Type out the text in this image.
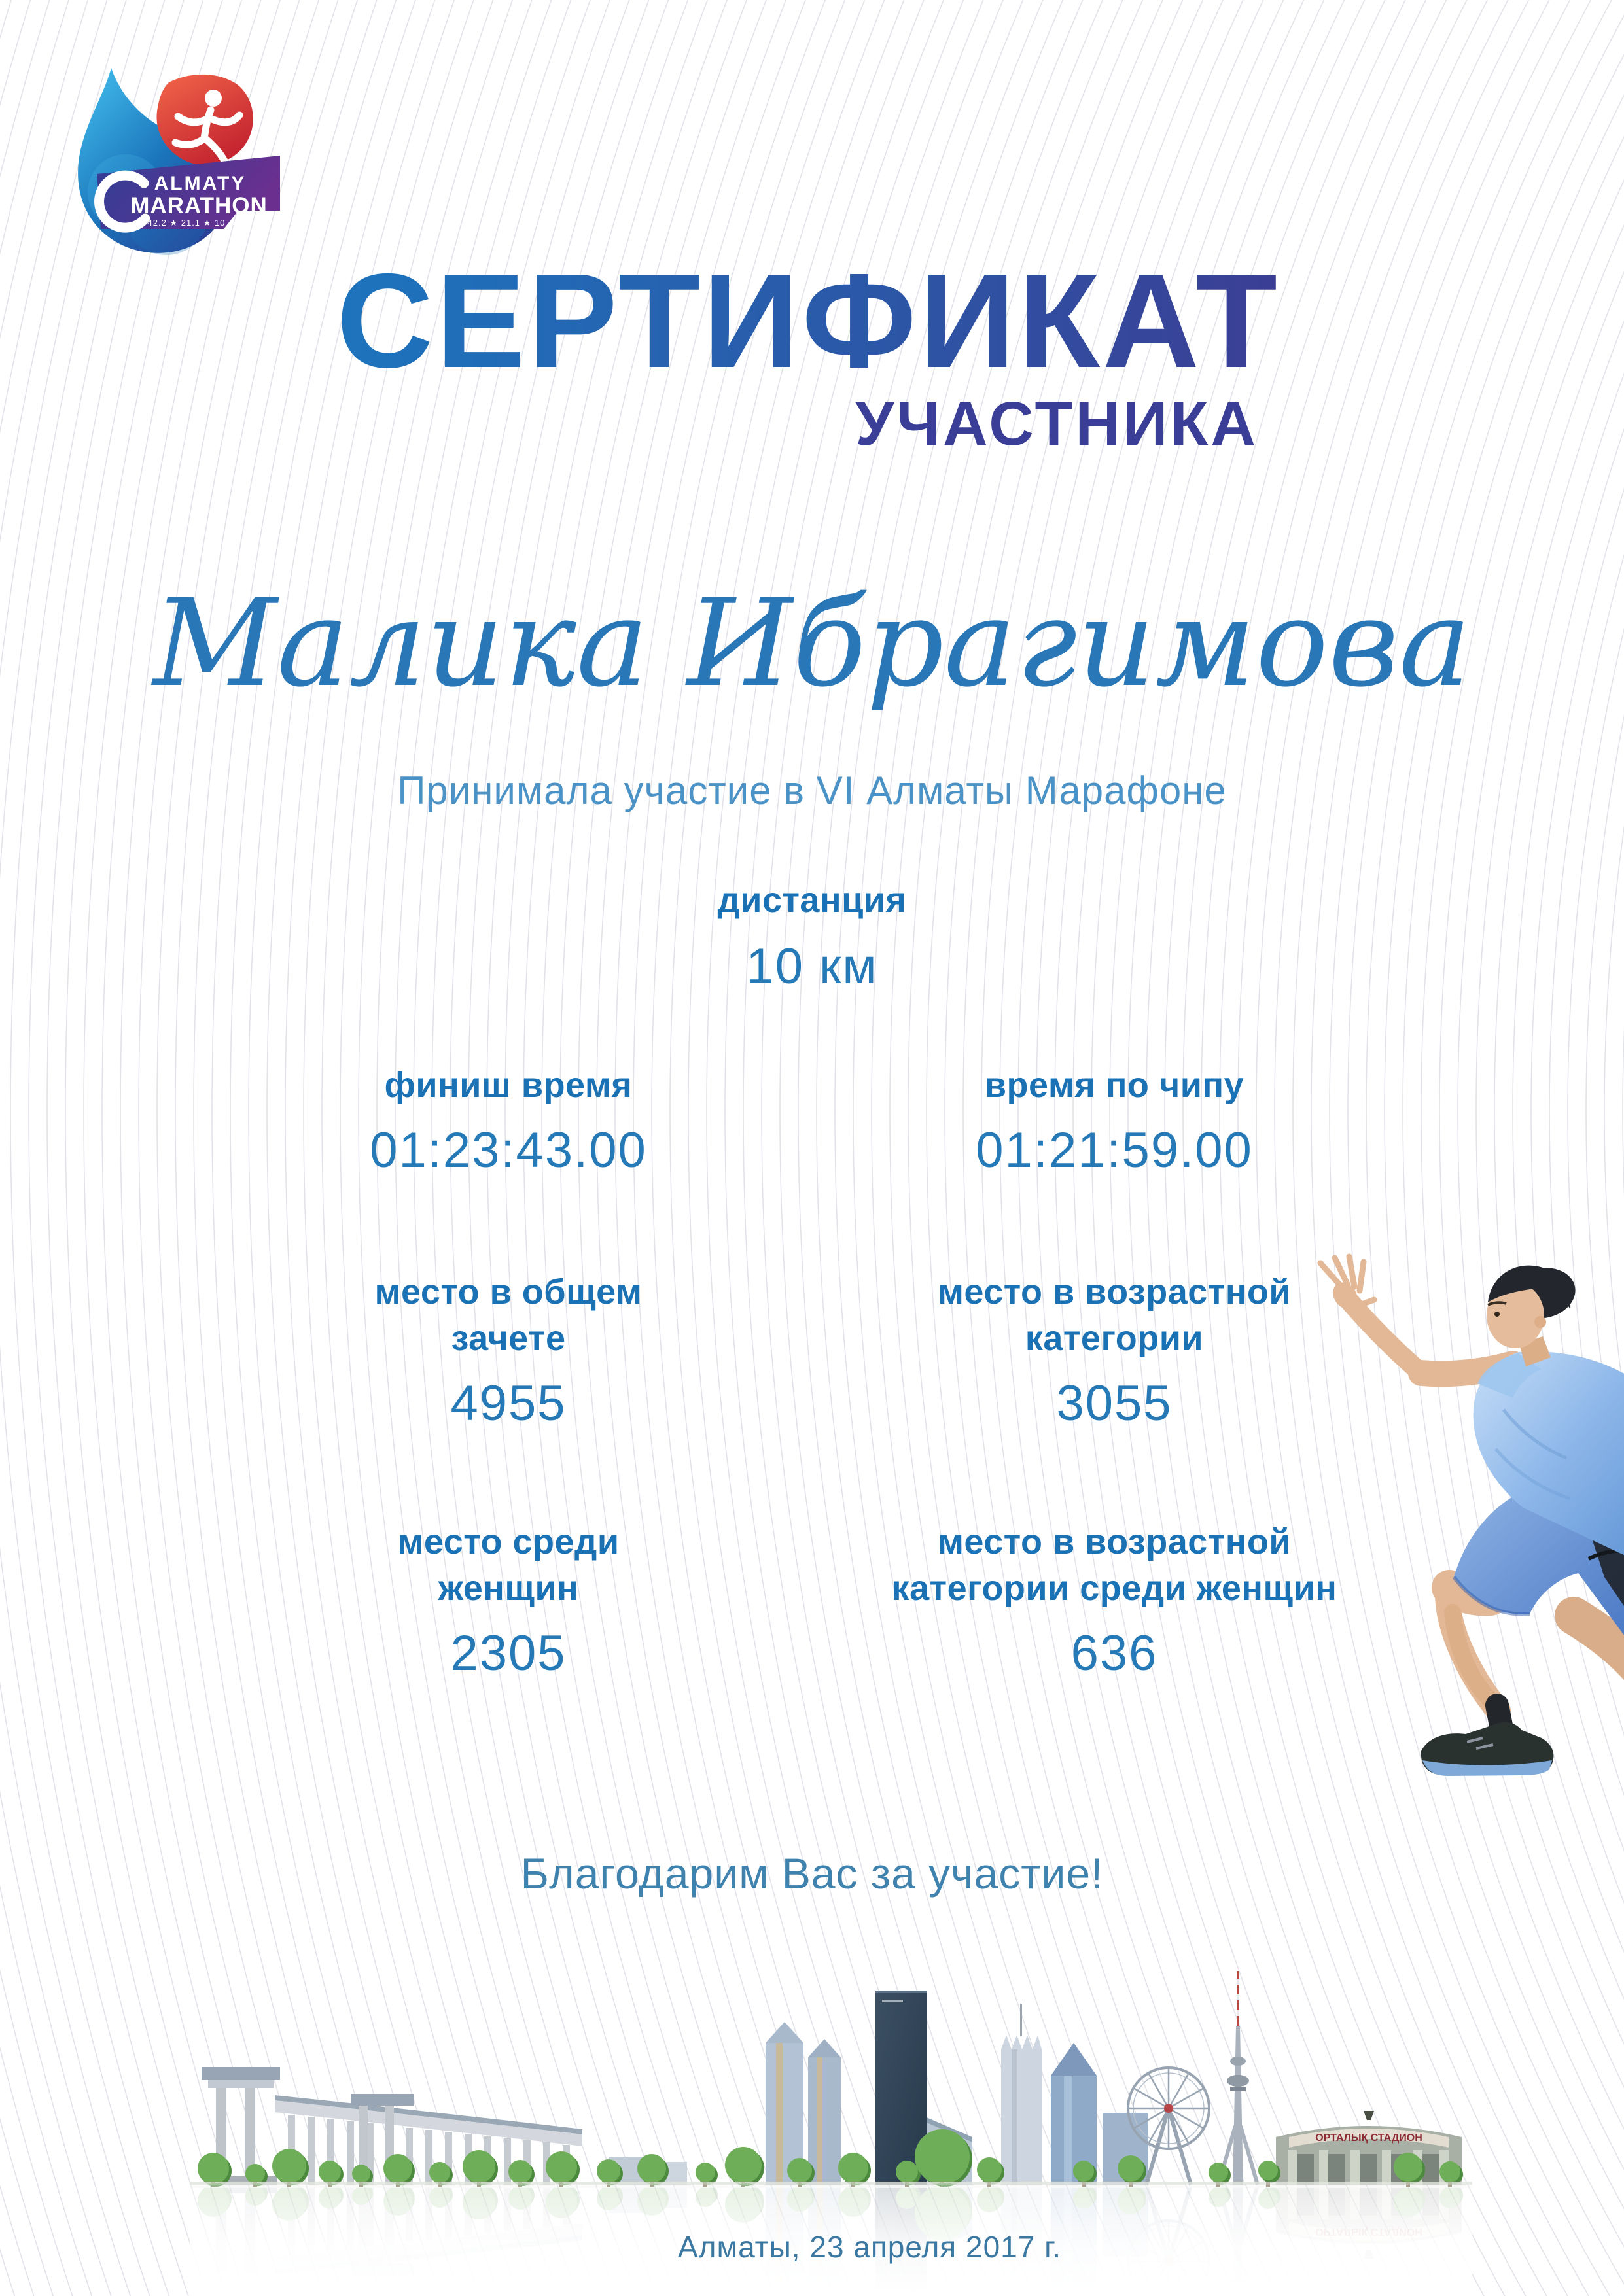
ALMATY
MARATHON
42.2 ★ 21.1 ★ 10 ★ 3
СЕРТИФИКАТ
УЧАСТНИКА
Малика Ибрагимова
Принимала участие в VI Алматы Марафоне
дистанция
10 км
финиш время
01:23:43.00
время по чипу
01:21:59.00
место в общем зачете
4955
место в возрастной категории
3055
место среди женщин
2305
место в возрастной категории среди женщин
636
Благодарим Вас за участие!
ОРТАЛЫҚ СТАДИОН
Алматы, 23 апреля 2017 г.
